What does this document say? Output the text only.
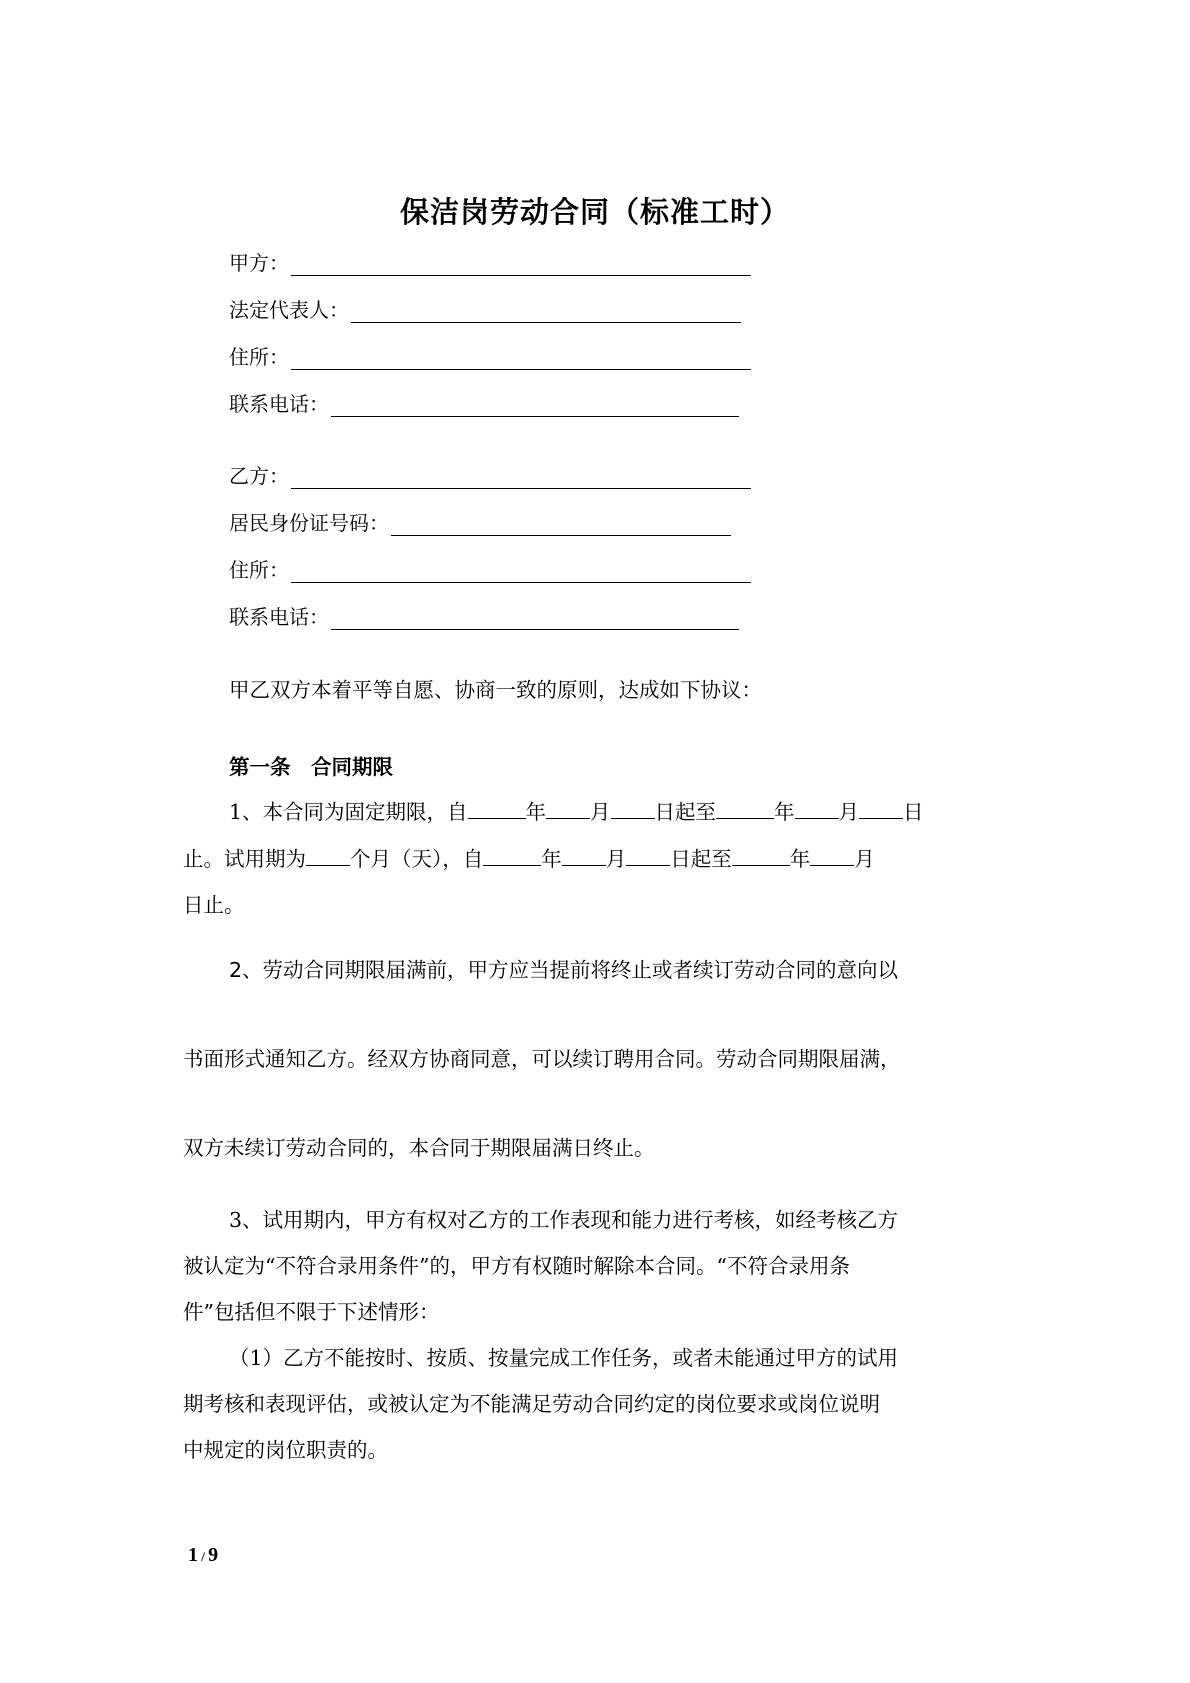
保洁岗劳动合同（标准工时）
甲方：
法定代表人：
住所：
联系电话：
乙方：
居民身份证号码：
住所：
联系电话：
甲乙双方本着平等自愿、协商一致的原则，达成如下协议：
第一条　合同期限
1、本合同为固定期限，自	年 月 日起至	年 月 日
止。试用期为 个月（天），自	年 月 日起至	年 月
日止。
2、劳动合同期限届满前，甲方应当提前将终止或者续订劳动合同的意向以
书面形式通知乙方。经双方协商同意，可以续订聘用合同。劳动合同期限届满，
双方未续订劳动合同的，本合同于期限届满日终止。
3、试用期内，甲方有权对乙方的工作表现和能力进行考核，如经考核乙方
被认定为“不符合录用条件”的，甲方有权随时解除本合同。“不符合录用条
件”包括但不限于下述情形：
（1）乙方不能按时、按质、按量完成工作任务，或者未能通过甲方的试用
期考核和表现评估，或被认定为不能满足劳动合同约定的岗位要求或岗位说明
中规定的岗位职责的。
1 / 9
